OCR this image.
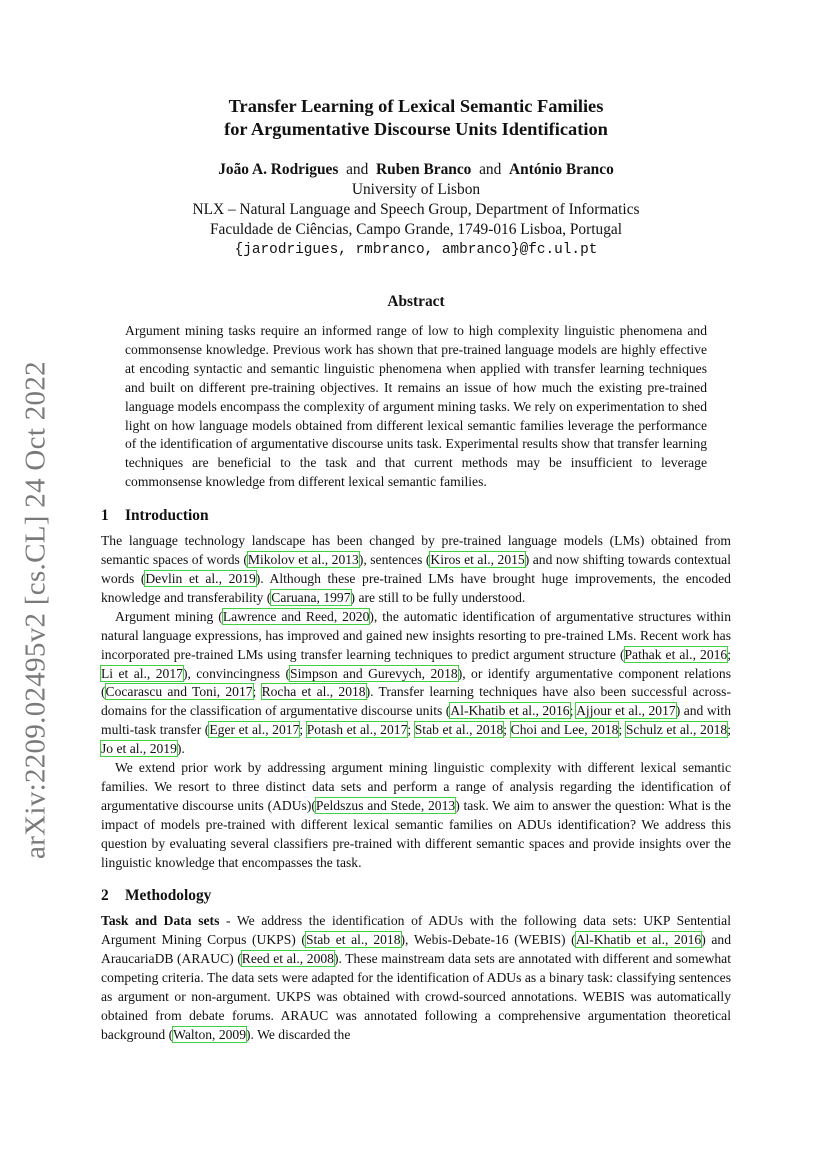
arXiv:2209.02495v2 [cs.CL] 24 Oct 2022
Transfer Learning of Lexical Semantic Families
for Argumentative Discourse Units Identification
João A. Rodrigues and Ruben Branco and António Branco
University of Lisbon
NLX – Natural Language and Speech Group, Department of Informatics
Faculdade de Ciências, Campo Grande, 1749-016 Lisboa, Portugal
{jarodrigues, rmbranco, ambranco}@fc.ul.pt
Abstract
Argument mining tasks require an informed range of low to high complexity linguistic phenomena and commonsense knowledge. Previous work has shown that pre-trained language models are highly effective at encoding syntactic and semantic linguistic phenomena when applied with transfer learning techniques and built on different pre-training objectives. It remains an issue of how much the existing pre-trained language models encompass the complexity of argument mining tasks. We rely on experimentation to shed light on how language models obtained from different lexical semantic families leverage the performance of the identification of argumentative discourse units task. Experimental results show that transfer learning techniques are beneficial to the task and that current methods may be insufficient to leverage commonsense knowledge from different lexical semantic families.
1 Introduction

The language technology landscape has been changed by pre-trained language models (LMs) obtained from semantic spaces of words (Mikolov et al., 2013), sentences (Kiros et al., 2015) and now shifting towards contextual words (Devlin et al., 2019). Although these pre-trained LMs have brought huge improvements, the encoded knowledge and transferability (Caruana, 1997) are still to be fully understood.

Argument mining (Lawrence and Reed, 2020), the automatic identification of argumentative structures within natural language expressions, has improved and gained new insights resorting to pre-trained LMs. Recent work has incorporated pre-trained LMs using transfer learning techniques to predict argument structure (Pathak et al., 2016; Li et al., 2017), convincingness (Simpson and Gurevych, 2018), or identify argumentative component relations (Cocarascu and Toni, 2017; Rocha et al., 2018). Transfer learning techniques have also been successful across-domains for the classification of argumentative discourse units (Al-Khatib et al., 2016; Ajjour et al., 2017) and with multi-task transfer (Eger et al., 2017; Potash et al., 2017; Stab et al., 2018; Choi and Lee, 2018; Schulz et al., 2018; Jo et al., 2019).

We extend prior work by addressing argument mining linguistic complexity with different lexical semantic families. We resort to three distinct data sets and perform a range of analysis regarding the identification of argumentative discourse units (ADUs)(Peldszus and Stede, 2013) task. We aim to answer the question: What is the impact of models pre-trained with different lexical semantic families on ADUs identification? We address this question by evaluating several classifiers pre-trained with different semantic spaces and provide insights over the linguistic knowledge that encompasses the task.

2 Methodology

Task and Data sets - We address the identification of ADUs with the following data sets: UKP Sentential Argument Mining Corpus (UKPS) (Stab et al., 2018), Webis-Debate-16 (WEBIS) (Al-Khatib et al., 2016) and AraucariaDB (ARAUC) (Reed et al., 2008). These mainstream data sets are annotated with different and somewhat competing criteria. The data sets were adapted for the identification of ADUs as a binary task: classifying sentences as argument or non-argument. UKPS was obtained with crowd-sourced annotations. WEBIS was automatically obtained from debate forums. ARAUC was annotated following a comprehensive argumentation theoretical background (Walton, 2009). We discarded the
